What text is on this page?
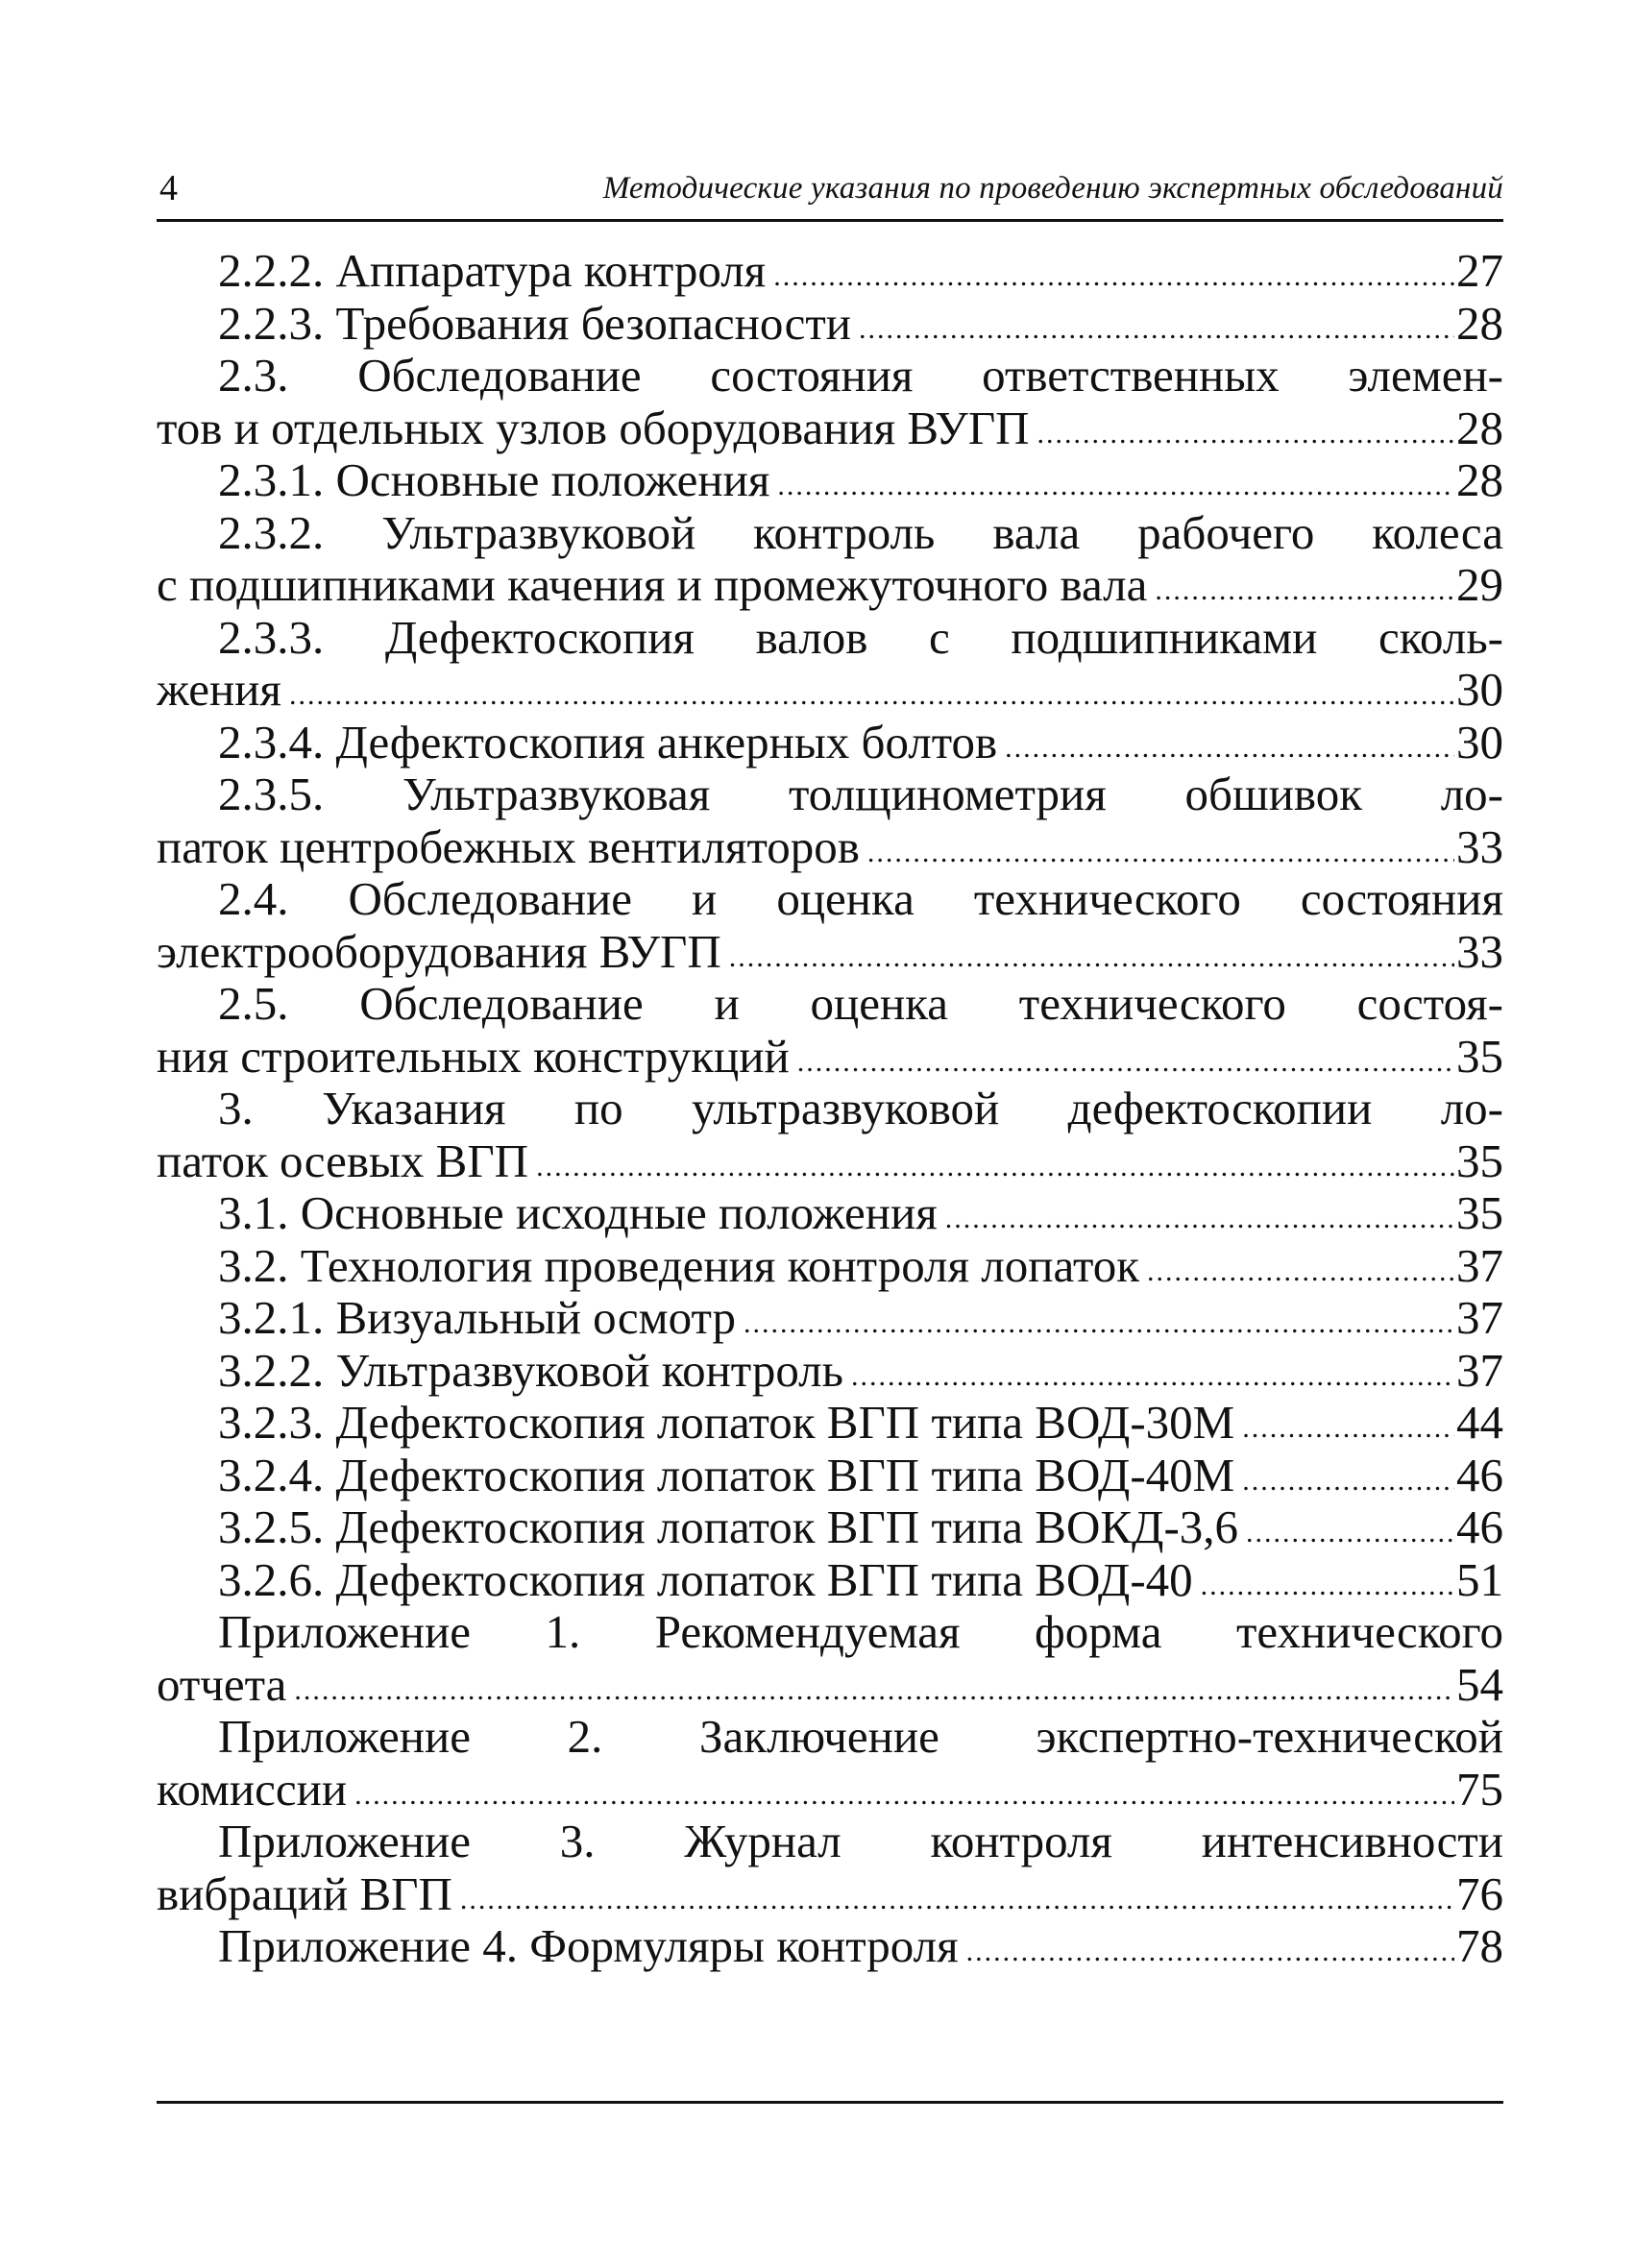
4	Методические указания по проведению экспертных обследований
2.2.2. Аппаратура контроля .....	27
2.2.3. Требования безопасности .....	28
2.3. Обследование состояния ответственных элемен-
тов и отдельных узлов оборудования ВУГП .....	28
2.3.1. Основные положения .....	28
2.3.2. Ультразвуковой контроль вала рабочего колеса
с подшипниками качения и промежуточного вала .....	29
2.3.3. Дефектоскопия валов с подшипниками сколь-
жения .....	30
2.3.4. Дефектоскопия анкерных болтов .....	30
2.3.5. Ультразвуковая толщинометрия обшивок ло-
паток центробежных вентиляторов .....	33
2.4. Обследование и оценка технического состояния
электрооборудования ВУГП .....	33
2.5. Обследование и оценка технического состоя-
ния строительных конструкций .....	35
3. Указания по ультразвуковой дефектоскопии ло-
паток осевых ВГП .....	35
3.1. Основные исходные положения .....	35
3.2. Технология проведения контроля лопаток .....	37
3.2.1. Визуальный осмотр .....	37
3.2.2. Ультразвуковой контроль .....	37
3.2.3. Дефектоскопия лопаток ВГП типа ВОД-30М .....	44
3.2.4. Дефектоскопия лопаток ВГП типа ВОД-40М .....	46
3.2.5. Дефектоскопия лопаток ВГП типа ВОКД-3,6 .....	46
3.2.6. Дефектоскопия лопаток ВГП типа ВОД-40 .....	51
Приложение 1. Рекомендуемая форма технического
отчета .....	54
Приложение 2. Заключение экспертно-технической
комиссии .....	75
Приложение 3. Журнал контроля интенсивности
вибраций ВГП .....	76
Приложение 4. Формуляры контроля .....	78
